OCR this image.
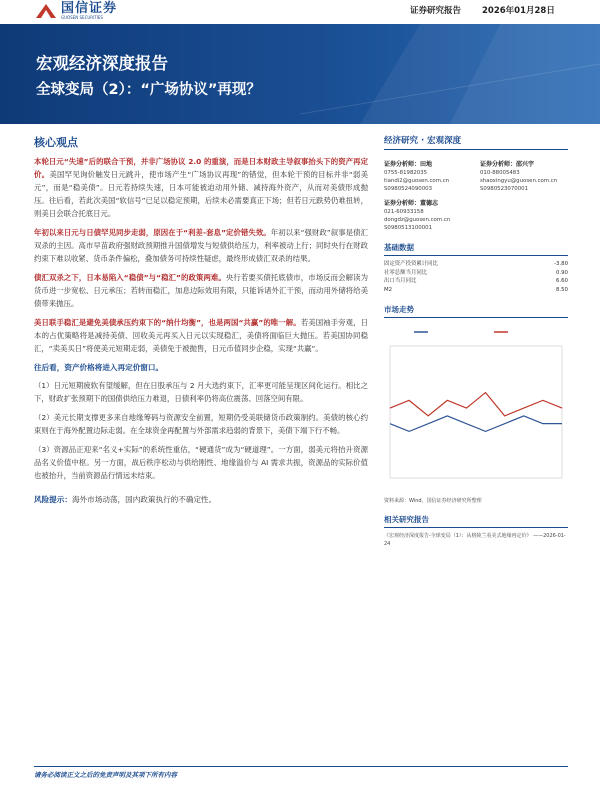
国信证券
GUOSEN SECURITIES
证券研究报告 2026年01月28日
宏观经济深度报告
全球变局（2）：“广场协议”再现？
核心观点

本轮日元“失速”后的联合干预，并非广场协议 2.0 的重演，而是日本财政主导叙事抬头下的资产再定价。美国罕见询价触发日元跳升，使市场产生“广场协议再现”的错觉，但本轮干预的目标并非“弱美元”，而是“稳美债”。日元若持续失速，日本可能被迫动用外储、减持海外资产，从而对美债形成抛压。往后看，若此次美国“软信号”已足以稳定预期，后续未必需要真正下场；但若日元跌势仍难扭转，则美日会联合托底日元。

年初以来日元与日债罕见同步走弱，原因在于“利差-套息”定价错失效。年初以来“强财政”叙事是债汇双杀的主因。高市早苗政府强财政预期推升国债增发与短债供给压力，利率被动上行；同时央行在财政约束下难以收紧、货币条件偏松，叠加债务可持续性疑虑，最终形成债汇双杀的结果。

债汇双杀之下，日本易陷入“稳债”与“稳汇”的政策两难。央行若要买债托底债市，市场反而会解读为货币进一步宽松、日元承压；若转而稳汇，加息边际效用有限，只能诉诸外汇干预，而动用外储将给美债带来抛压。

美日联手稳汇是避免美债承压约束下的“纳什均衡”，也是两国“共赢”的唯一解。若美国袖手旁观，日本的占优策略将是减持美债、回收美元再买入日元以实现稳汇，美债将面临巨大抛压。若美国协同稳汇，“卖美买日”将使美元短期走弱，美债免于被抛售，日元币值同步企稳，实现“共赢”。

往后看，资产价格将进入再定价窗口。

（1）日元短期疲软有望缓解，但在日股承压与 2 月大选约束下，汇率更可能呈现区间化运行。相比之下，财政扩张预期下的国债供给压力难退，日债利率仍将高位震荡、回落空间有限。

（2）美元长期支撑更多来自地缘筹码与资源安全前置，短期仍受美联储货币政策制约。美债的核心约束则在于海外配置边际走弱。在全球资金再配置与外部需求趋弱的背景下，美债下端下行不畅。

（3）资源品正迎来“名义+实际”的系统性重估，“硬通货”成为“硬道理”。一方面，弱美元将抬升资源品名义价值中枢。另一方面，战后秩序松动与供给刚性、地缘溢价与 AI 需求共振，资源品的实际价值也被抬升，当前资源品行情远未结束。

风险提示：海外市场动荡，国内政策执行的不确定性。
经济研究 · 宏观深度
证券分析师：田地
0755-81982035
tiandi2@guosen.com.cn
S0980524090003
证券分析师：邵兴宇
010-88005483
shaoxingyu@guosen.com.cn
S0980523070001
证券分析师：董德志
021-60933158
dongdz@guosen.com.cn
S0980513100001
基础数据
固定资产投资累计同比	-3.80
社零总额当月同比	0.90
出口当月同比	6.60
M2	8.50
市场走势
资料来源：Wind、国信证券经济研究所整理
相关研究报告
《宏观经济深度报告-全球变局（1）：从格陵兰看美式地缘再定价》 ——2026-01-24
请务必阅读正文之后的免责声明及其项下所有内容
